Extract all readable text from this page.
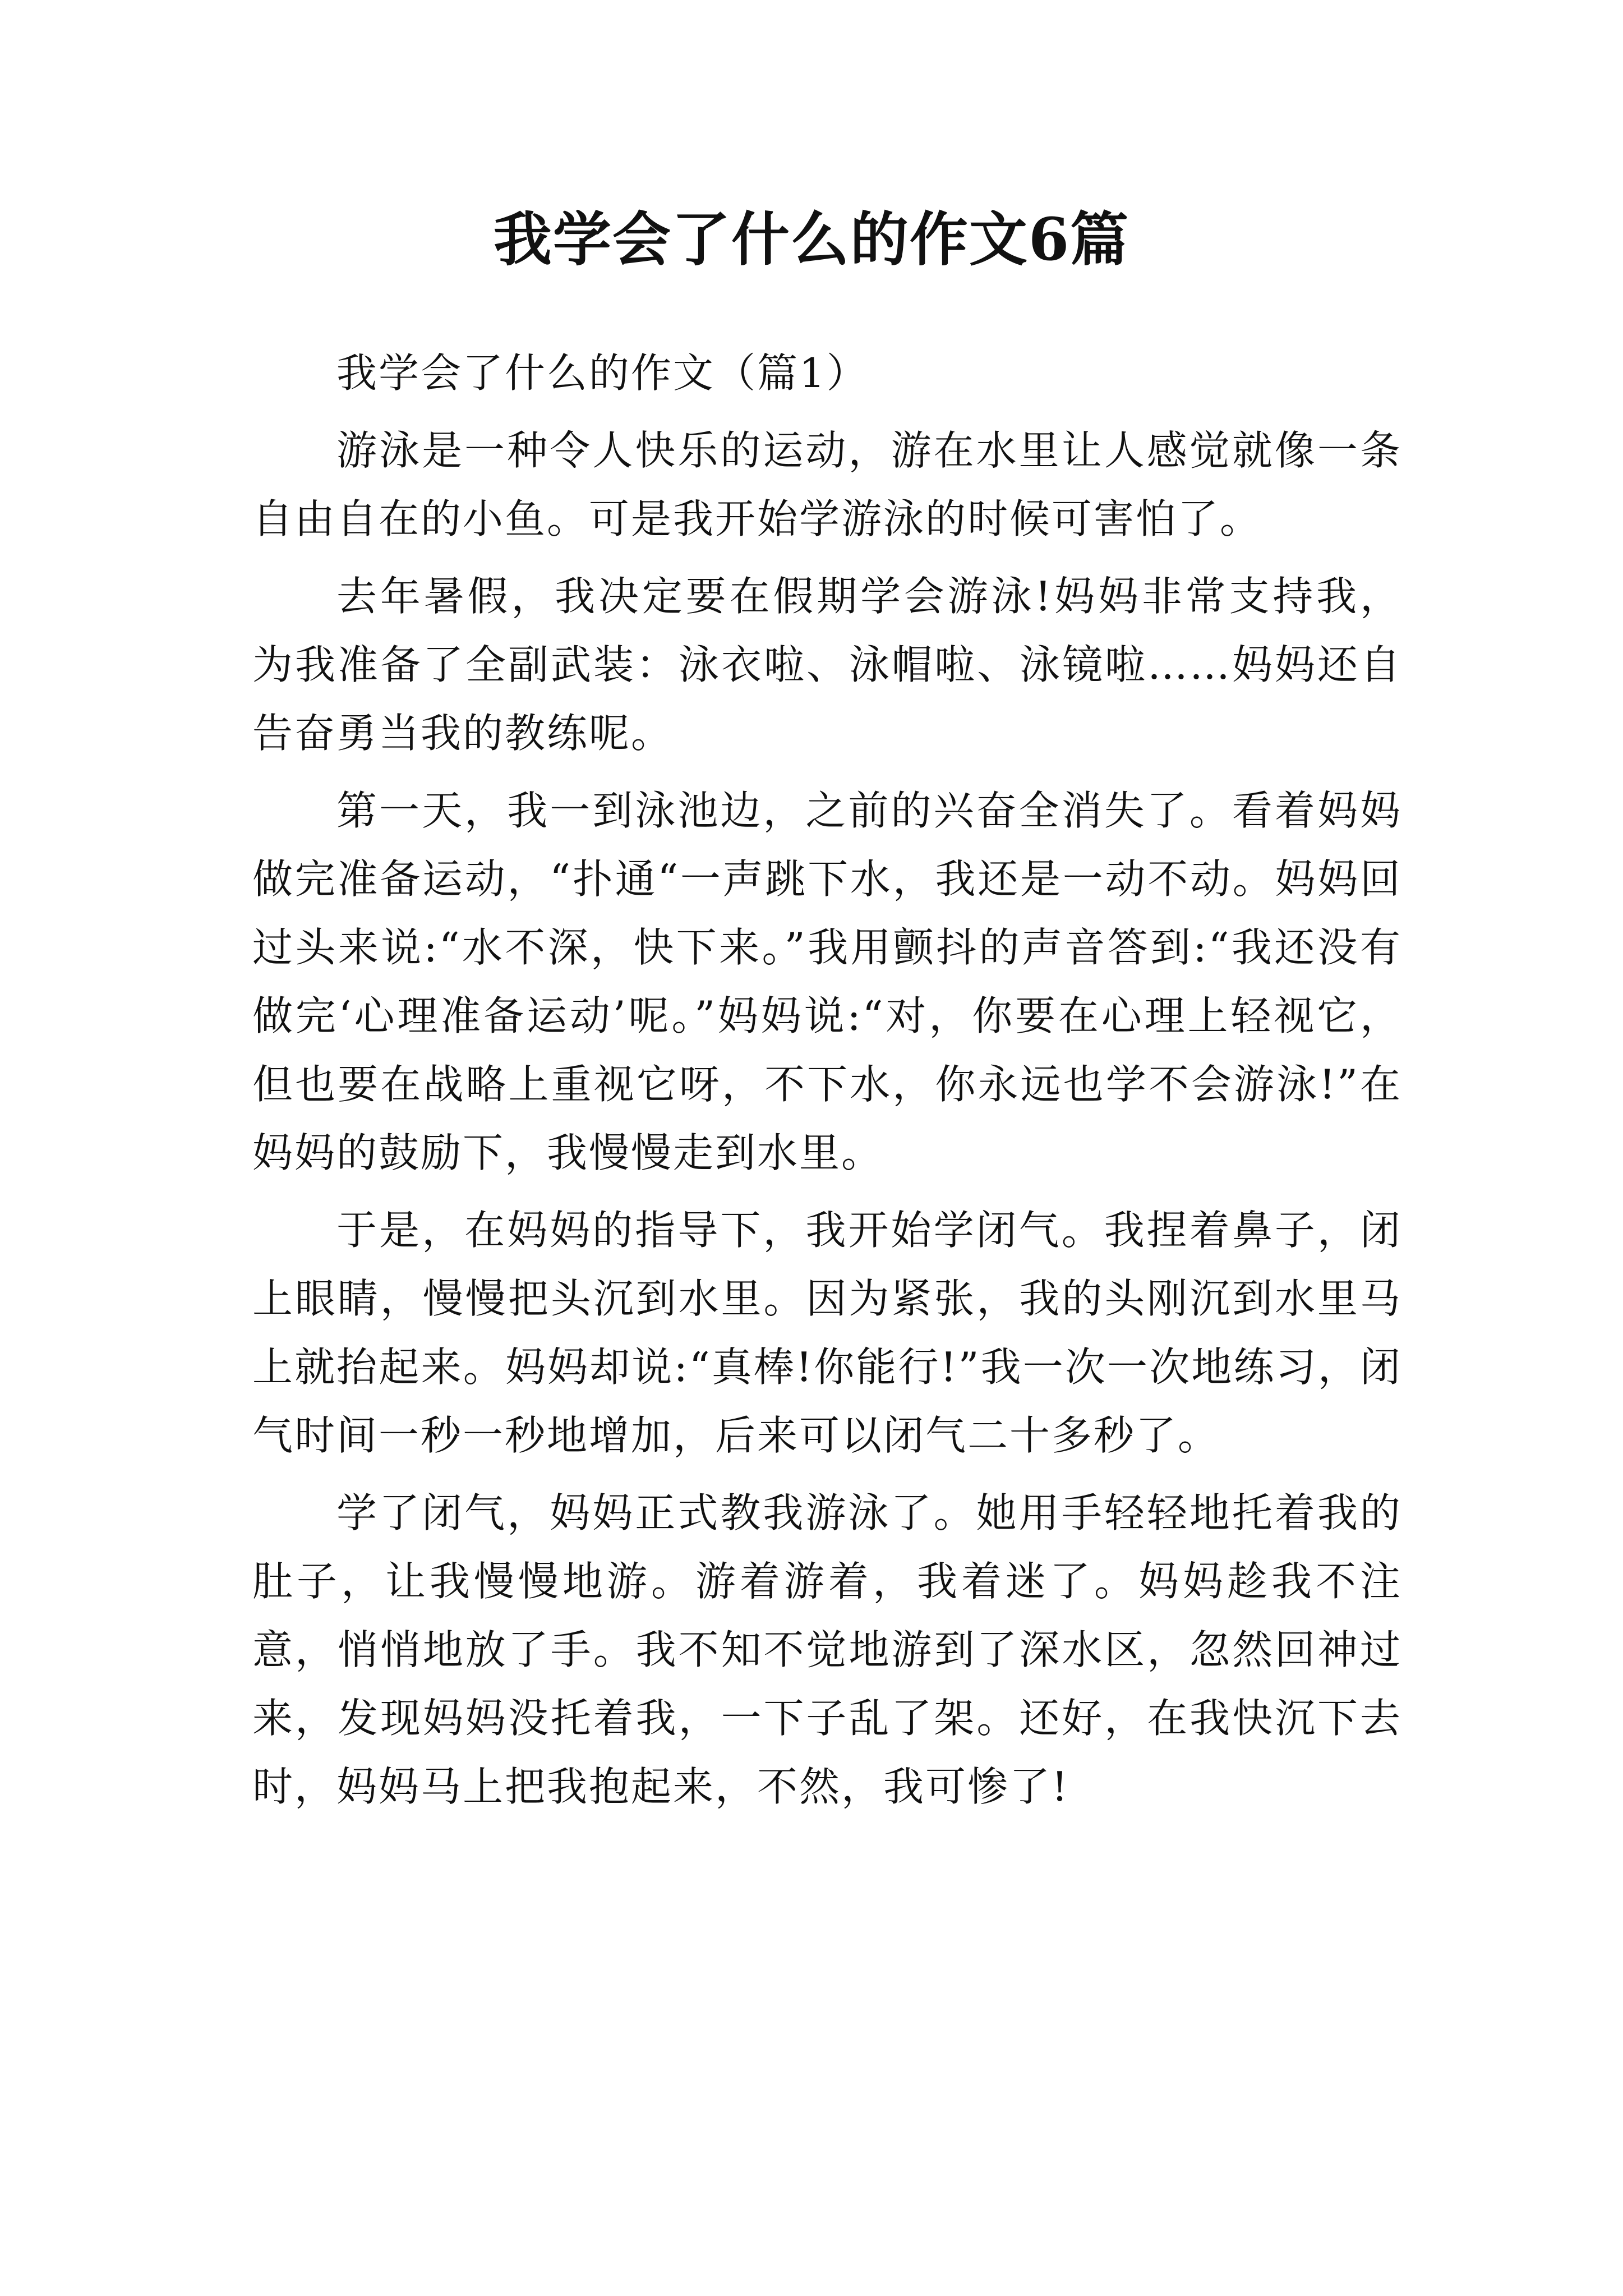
我学会了什么的作文6篇

我学会了什么的作文（篇1）

游泳是一种令人快乐的运动，游在水里让人感觉就像一条自由自在的小鱼。可是我开始学游泳的时候可害怕了。

去年暑假，我决定要在假期学会游泳!妈妈非常支持我，为我准备了全副武装：泳衣啦、泳帽啦、泳镜啦……妈妈还自告奋勇当我的教练呢。

第一天，我一到泳池边，之前的兴奋全消失了。看着妈妈做完准备运动，“扑通“一声跳下水，我还是一动不动。妈妈回过头来说:“水不深，快下来。”我用颤抖的声音答到:“我还没有做完‘心理准备运动’呢。”妈妈说:“对，你要在心理上轻视它，但也要在战略上重视它呀，不下水，你永远也学不会游泳!”在妈妈的鼓励下，我慢慢走到水里。

于是，在妈妈的指导下，我开始学闭气。我捏着鼻子，闭上眼睛，慢慢把头沉到水里。因为紧张，我的头刚沉到水里马上就抬起来。妈妈却说:“真棒!你能行!”我一次一次地练习，闭气时间一秒一秒地增加，后来可以闭气二十多秒了。

学了闭气，妈妈正式教我游泳了。她用手轻轻地托着我的肚子，让我慢慢地游。游着游着，我着迷了。妈妈趁我不注意，悄悄地放了手。我不知不觉地游到了深水区，忽然回神过来，发现妈妈没托着我，一下子乱了架。还好，在我快沉下去时，妈妈马上把我抱起来，不然，我可惨了!
